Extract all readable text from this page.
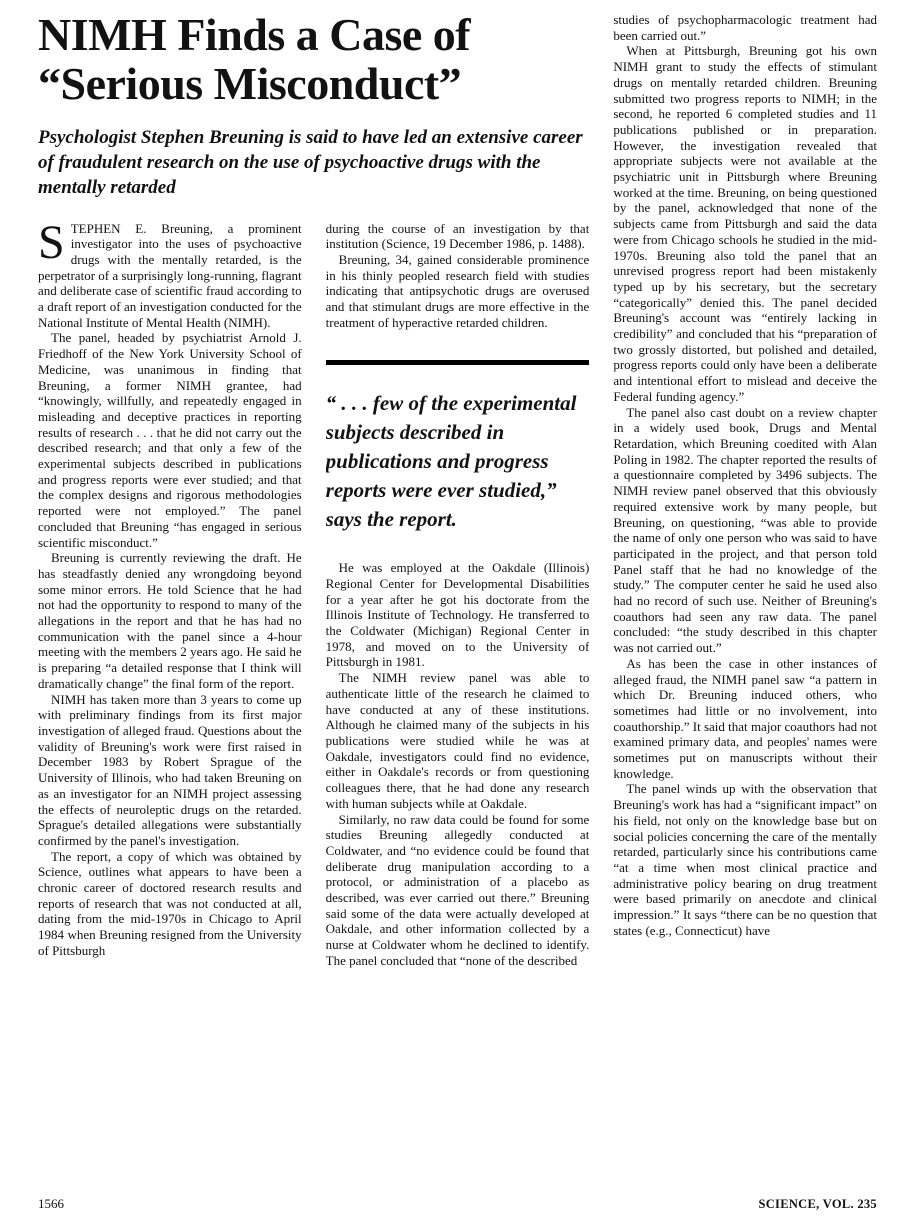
NIMH Finds a Case of
“Serious Misconduct”
Psychologist Stephen Breuning is said to have led an extensive career of fraudulent research on the use of psychoactive drugs with the mentally retarded

STEPHEN E. Breuning, a prominent investigator into the uses of psychoactive drugs with the mentally retarded, is the perpetrator of a surprisingly long-running, flagrant and deliberate case of scientific fraud according to a draft report of an investigation conducted for the National Institute of Mental Health (NIMH).

The panel, headed by psychiatrist Arnold J. Friedhoff of the New York University School of Medicine, was unanimous in finding that Breuning, a former NIMH grantee, had “knowingly, willfully, and repeatedly engaged in misleading and deceptive practices in reporting results of research . . . that he did not carry out the described research; and that only a few of the experimental subjects described in publications and progress reports were ever studied; and that the complex designs and rigorous methodologies reported were not employed.” The panel concluded that Breuning “has engaged in serious scientific misconduct.”

Breuning is currently reviewing the draft. He has steadfastly denied any wrongdoing beyond some minor errors. He told Science that he had not had the opportunity to respond to many of the allegations in the report and that he has had no communication with the panel since a 4-hour meeting with the members 2 years ago. He said he is preparing “a detailed response that I think will dramatically change” the final form of the report.

NIMH has taken more than 3 years to come up with preliminary findings from its first major investigation of alleged fraud. Questions about the validity of Breuning's work were first raised in December 1983 by Robert Sprague of the University of Illinois, who had taken Breuning on as an investigator for an NIMH project assessing the effects of neuroleptic drugs on the retarded. Sprague's detailed allegations were substantially confirmed by the panel's investigation.

The report, a copy of which was obtained by Science, outlines what appears to have been a chronic career of doctored research results and reports of research that was not conducted at all, dating from the mid-1970s in Chicago to April 1984 when Breuning resigned from the University of Pittsburgh

during the course of an investigation by that institution (Science, 19 December 1986, p. 1488).

Breuning, 34, gained considerable prominence in his thinly peopled research field with studies indicating that antipsychotic drugs are overused and that stimulant drugs are more effective in the treatment of hyperactive retarded children.

“ . . . few of the experimental subjects described in publications and progress reports were ever studied,” says the report.

He was employed at the Oakdale (Illinois) Regional Center for Developmental Disabilities for a year after he got his doctorate from the Illinois Institute of Technology. He transferred to the Coldwater (Michigan) Regional Center in 1978, and moved on to the University of Pittsburgh in 1981.

The NIMH review panel was able to authenticate little of the research he claimed to have conducted at any of these institutions. Although he claimed many of the subjects in his publications were studied while he was at Oakdale, investigators could find no evidence, either in Oakdale's records or from questioning colleagues there, that he had done any research with human subjects while at Oakdale.

Similarly, no raw data could be found for some studies Breuning allegedly conducted at Coldwater, and “no evidence could be found that deliberate drug manipulation according to a protocol, or administration of a placebo as described, was ever carried out there.” Breuning said some of the data were actually developed at Oakdale, and other information collected by a nurse at Coldwater whom he declined to identify. The panel concluded that “none of the described

studies of psychopharmacologic treatment had been carried out.”

When at Pittsburgh, Breuning got his own NIMH grant to study the effects of stimulant drugs on mentally retarded children. Breuning submitted two progress reports to NIMH; in the second, he reported 6 completed studies and 11 publications published or in preparation. However, the investigation revealed that appropriate subjects were not available at the psychiatric unit in Pittsburgh where Breuning worked at the time. Breuning, on being questioned by the panel, acknowledged that none of the subjects came from Pittsburgh and said the data were from Chicago schools he studied in the mid-1970s. Breuning also told the panel that an unrevised progress report had been mistakenly typed up by his secretary, but the secretary “categorically” denied this. The panel decided Breuning's account was “entirely lacking in credibility” and concluded that his “preparation of two grossly distorted, but polished and detailed, progress reports could only have been a deliberate and intentional effort to mislead and deceive the Federal funding agency.”

The panel also cast doubt on a review chapter in a widely used book, Drugs and Mental Retardation, which Breuning coedited with Alan Poling in 1982. The chapter reported the results of a questionnaire completed by 3496 subjects. The NIMH review panel observed that this obviously required extensive work by many people, but Breuning, on questioning, “was able to provide the name of only one person who was said to have participated in the project, and that person told Panel staff that he had no knowledge of the study.” The computer center he said he used also had no record of such use. Neither of Breuning's coauthors had seen any raw data. The panel concluded: “the study described in this chapter was not carried out.”

As has been the case in other instances of alleged fraud, the NIMH panel saw “a pattern in which Dr. Breuning induced others, who sometimes had little or no involvement, into coauthorship.” It said that major coauthors had not examined primary data, and peoples' names were sometimes put on manuscripts without their knowledge.

The panel winds up with the observation that Breuning's work has had a “significant impact” on his field, not only on the knowledge base but on social policies concerning the care of the mentally retarded, particularly since his contributions came “at a time when most clinical practice and administrative policy bearing on drug treatment were based primarily on anecdote and clinical impression.” It says “there can be no question that states (e.g., Connecticut) have

1566	SCIENCE, VOL. 235
